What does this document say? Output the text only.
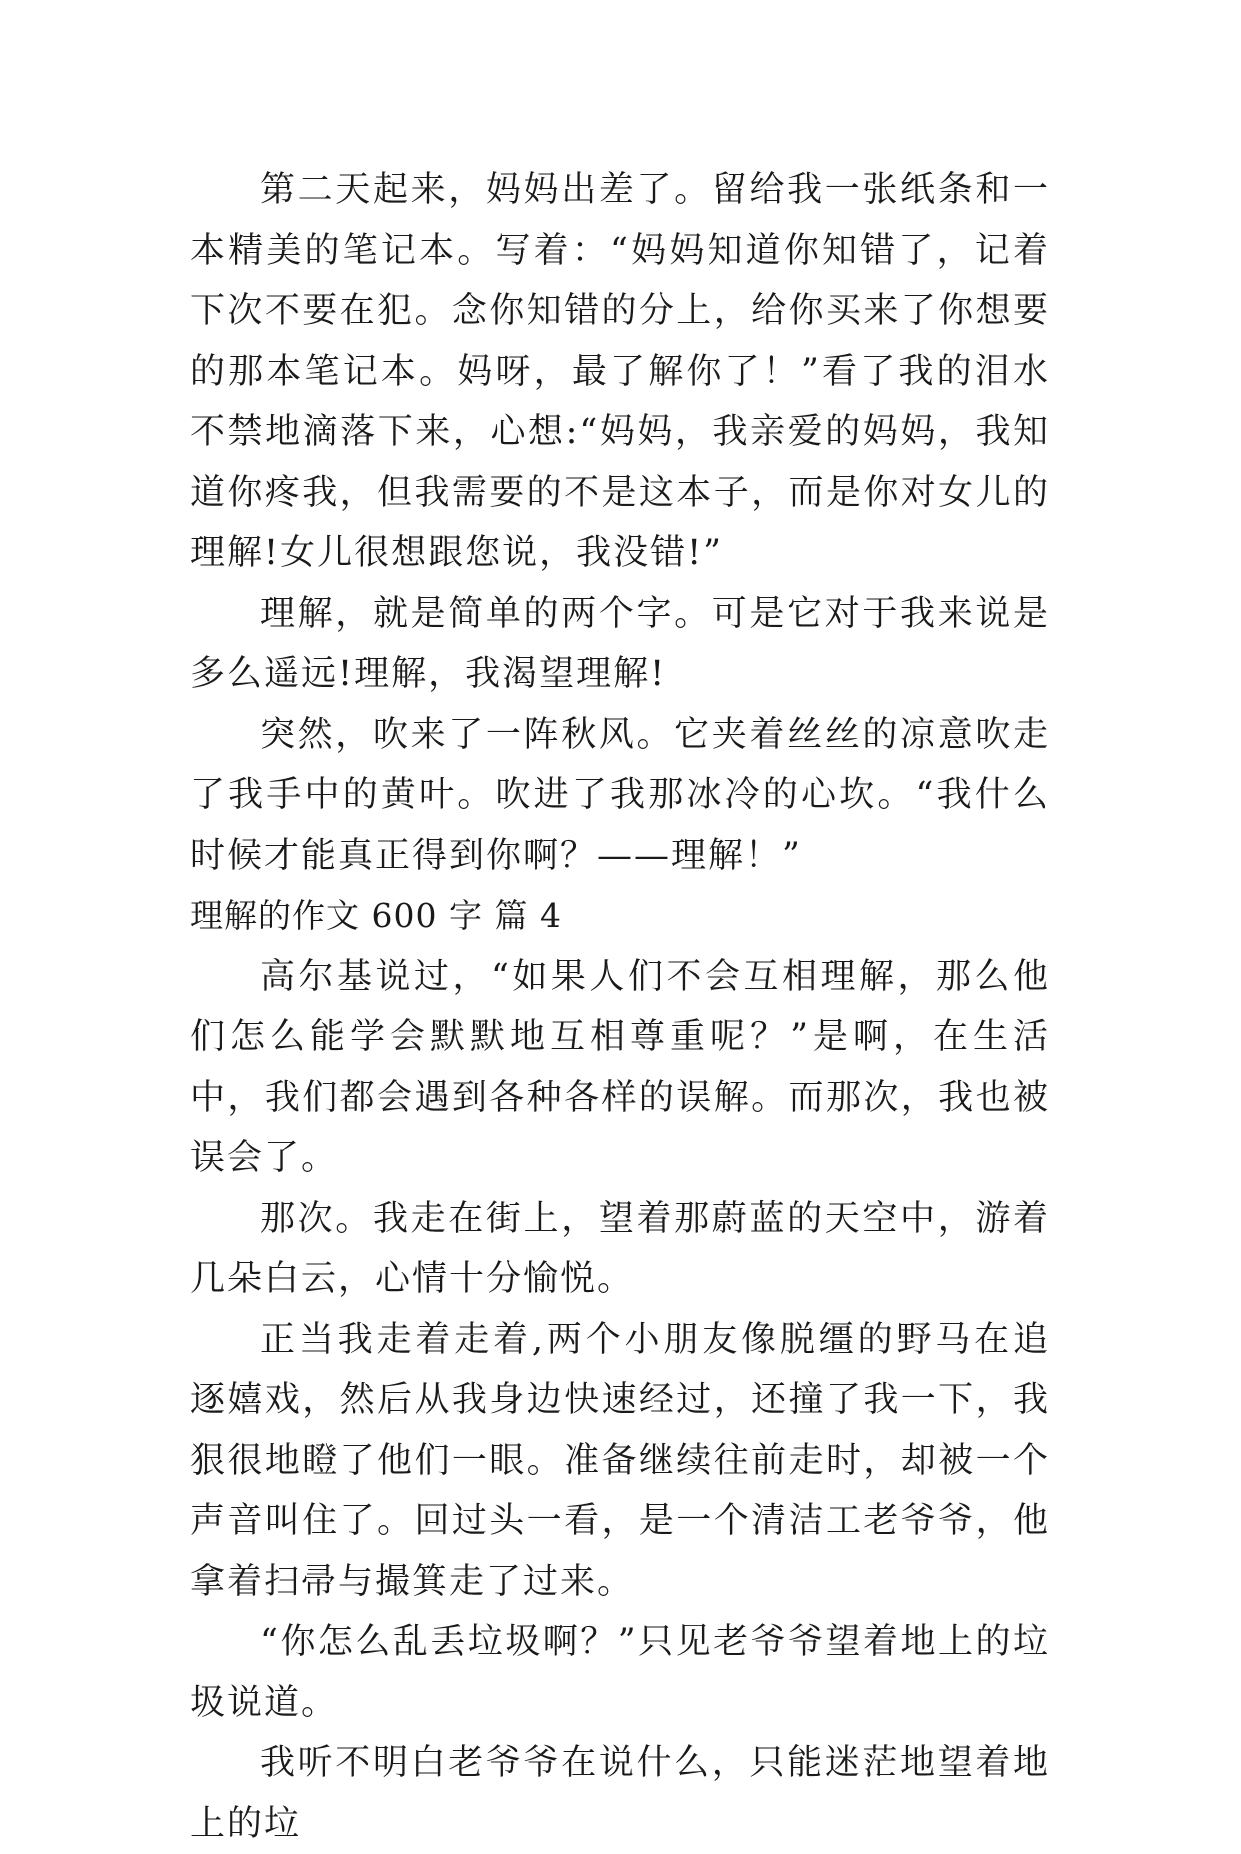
第二天起来，妈妈出差了。留给我一张纸条和一本精美的笔记本。写着：“妈妈知道你知错了，记着下次不要在犯。念你知错的分上，给你买来了你想要的那本笔记本。妈呀，最了解你了！”看了我的泪水不禁地滴落下来，心想:“妈妈，我亲爱的妈妈，我知道你疼我，但我需要的不是这本子，而是你对女儿的理解!女儿很想跟您说，我没错!”

理解，就是简单的两个字。可是它对于我来说是多么遥远!理解，我渴望理解!

突然，吹来了一阵秋风。它夹着丝丝的凉意吹走了我手中的黄叶。吹进了我那冰冷的心坎。“我什么时候才能真正得到你啊？——理解！”

理解的作文 600 字 篇 4

高尔基说过，“如果人们不会互相理解，那么他们怎么能学会默默地互相尊重呢？”是啊，在生活中，我们都会遇到各种各样的误解。而那次，我也被误会了。

那次。我走在街上，望着那蔚蓝的天空中，游着几朵白云，心情十分愉悦。

正当我走着走着,两个小朋友像脱缰的野马在追逐嬉戏，然后从我身边快速经过，还撞了我一下，我狠很地瞪了他们一眼。准备继续往前走时，却被一个声音叫住了。回过头一看，是一个清洁工老爷爷，他拿着扫帚与撮箕走了过来。

“你怎么乱丢垃圾啊？”只见老爷爷望着地上的垃圾说道。

我听不明白老爷爷在说什么，只能迷茫地望着地上的垃
